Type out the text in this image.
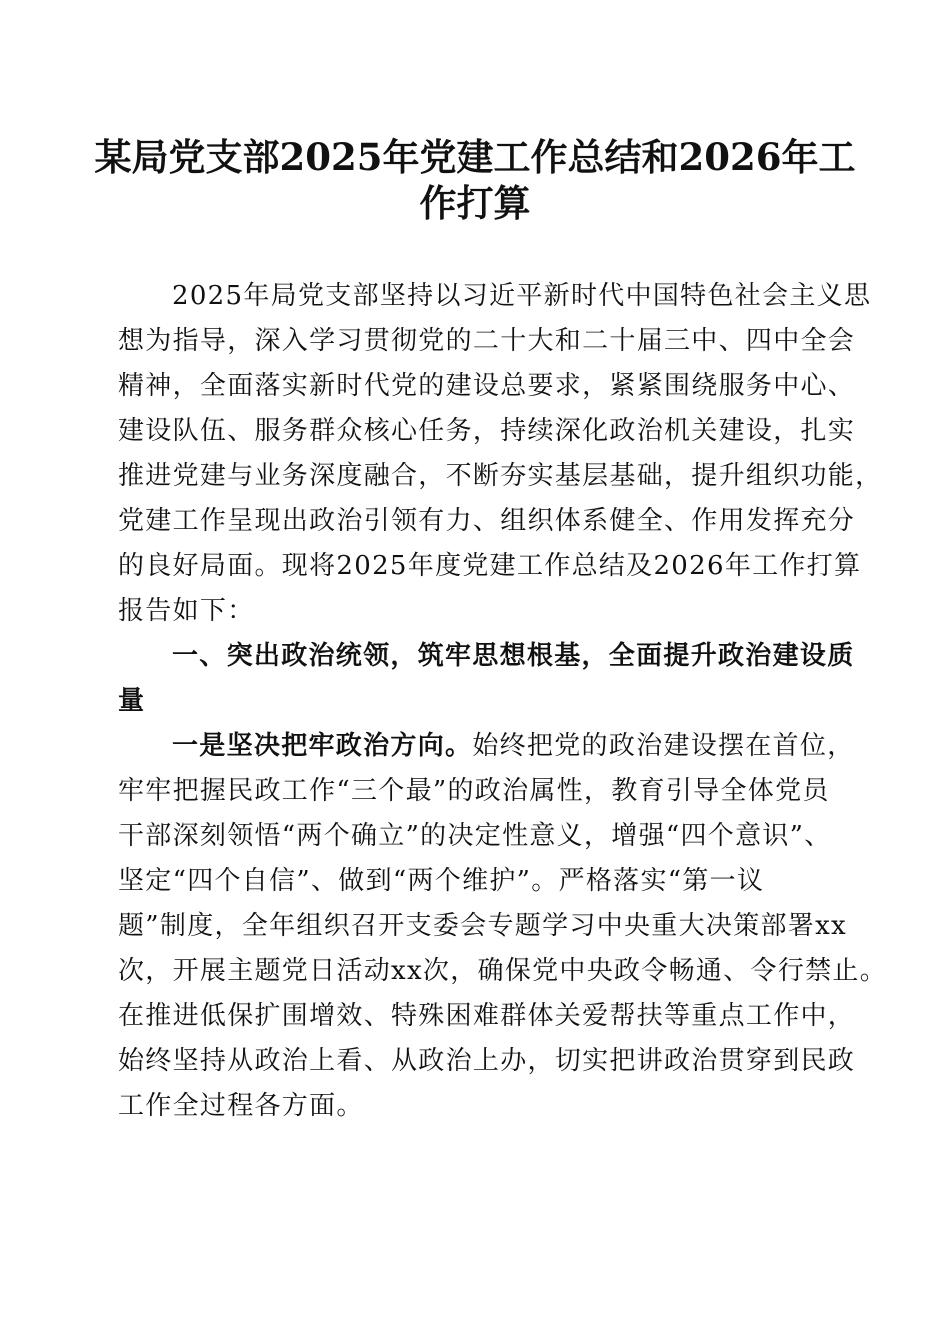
某局党支部2025年党建工作总结和2026年工
作打算
2025年局党支部坚持以习近平新时代中国特色社会主义思
想为指导，深入学习贯彻党的二十大和二十届三中、四中全会
精神，全面落实新时代党的建设总要求，紧紧围绕服务中心、
建设队伍、服务群众核心任务，持续深化政治机关建设，扎实
推进党建与业务深度融合，不断夯实基层基础，提升组织功能，
党建工作呈现出政治引领有力、组织体系健全、作用发挥充分
的良好局面。现将2025年度党建工作总结及2026年工作打算
报告如下：
一、突出政治统领，筑牢思想根基，全面提升政治建设质
量
一是坚决把牢政治方向。始终把党的政治建设摆在首位，
牢牢把握民政工作“三个最”的政治属性，教育引导全体党员
干部深刻领悟“两个确立”的决定性意义，增强“四个意识”、
坚定“四个自信”、做到“两个维护”。严格落实“第一议
题”制度，全年组织召开支委会专题学习中央重大决策部署xx
次，开展主题党日活动xx次，确保党中央政令畅通、令行禁止。
在推进低保扩围增效、特殊困难群体关爱帮扶等重点工作中，
始终坚持从政治上看、从政治上办，切实把讲政治贯穿到民政
工作全过程各方面。
